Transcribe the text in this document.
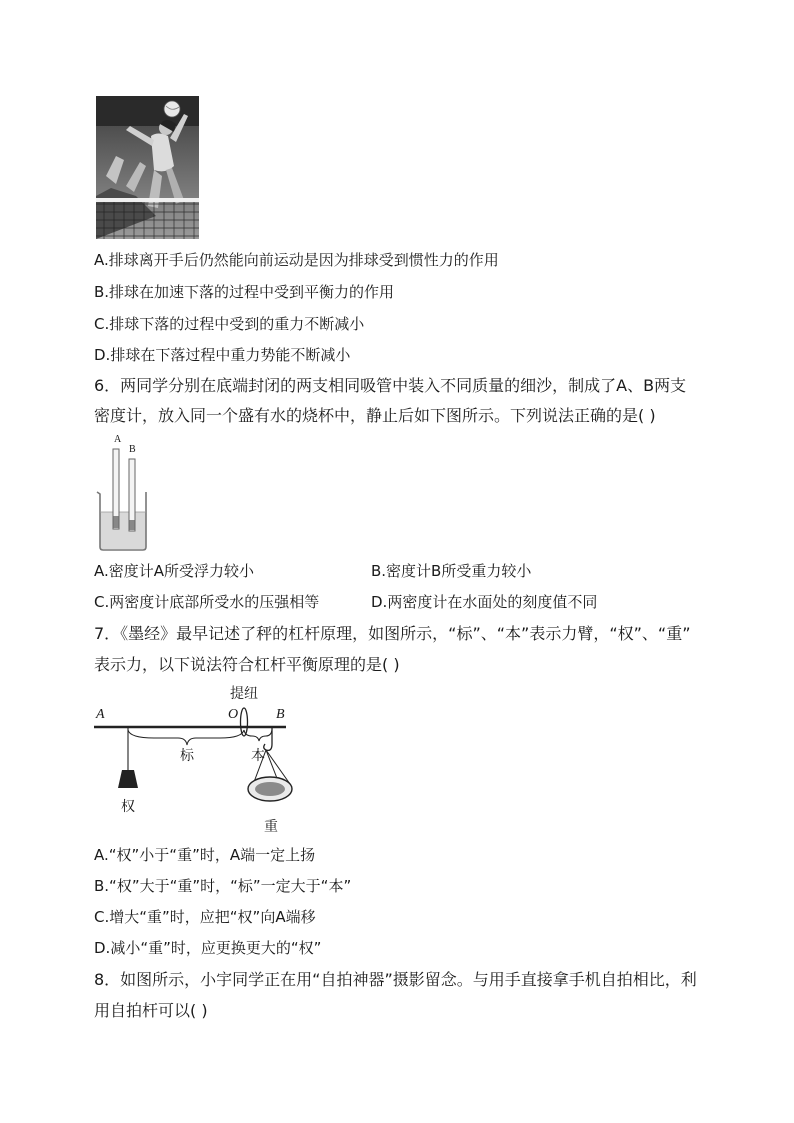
A.排球离开手后仍然能向前运动是因为排球受到惯性力的作用
B.排球在加速下落的过程中受到平衡力的作用
C.排球下落的过程中受到的重力不断减小
D.排球在下落过程中重力势能不断减小
6．两同学分别在底端封闭的两支相同吸管中装入不同质量的细沙，制成了A、B两支
密度计，放入同一个盛有水的烧杯中，静止后如下图所示。下列说法正确的是( )
A
B
A.密度计A所受浮力较小	B.密度计B所受重力较小
C.两密度计底部所受水的压强相等	D.两密度计在水面处的刻度值不同
7．《墨经》最早记述了秤的杠杆原理，如图所示，“标”、“本”表示力臂，“权”、“重”
表示力，以下说法符合杠杆平衡原理的是( )
提纽
A	O	B
标	本
权
重
A.“权”小于“重”时，A端一定上扬
B.“权”大于“重”时，“标”一定大于“本”
C.增大“重”时，应把“权”向A端移
D.减小“重”时，应更换更大的“权”
8．如图所示，小宇同学正在用“自拍神器”摄影留念。与用手直接拿手机自拍相比，利
用自拍杆可以( )
